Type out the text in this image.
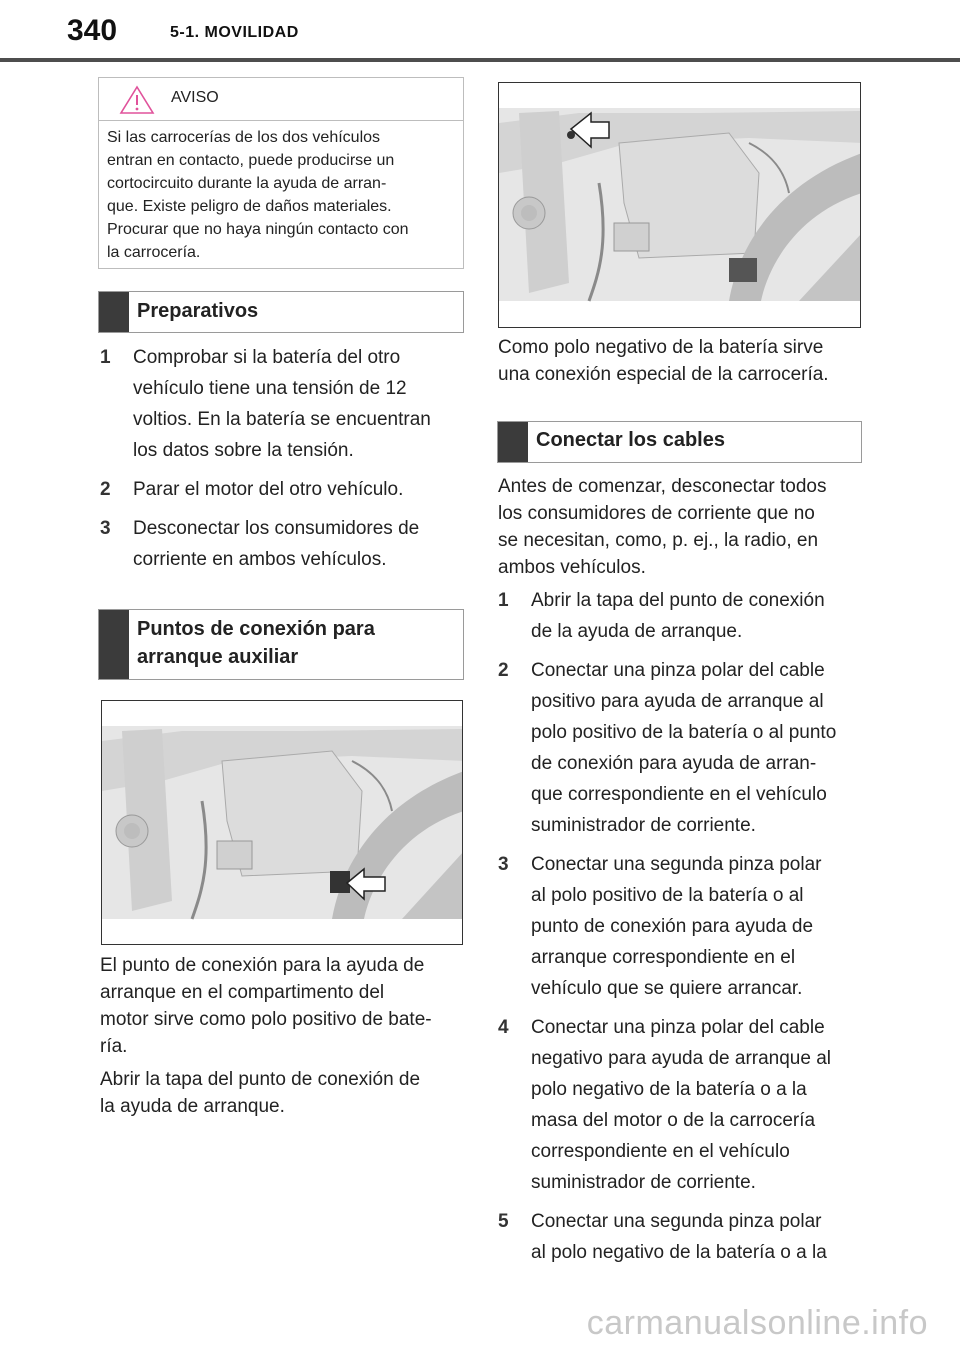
340	5-1. MOVILIDAD
AVISO
Si las carrocerías de los dos vehículos
entran en contacto, puede producirse un
cortocircuito durante la ayuda de arran-
que. Existe peligro de daños materiales.
Procurar que no haya ningún contacto con
la carrocería.
Preparativos
1 Comprobar si la batería del otro
vehículo tiene una tensión de 12
voltios. En la batería se encuentran
los datos sobre la tensión.
2 Parar el motor del otro vehículo.
3 Desconectar los consumidores de
corriente en ambos vehículos.
Puntos de conexión para
arranque auxiliar
El punto de conexión para la ayuda de
arranque en el compartimento del
motor sirve como polo positivo de bate-
ría.
Abrir la tapa del punto de conexión de
la ayuda de arranque.
Como polo negativo de la batería sirve
una conexión especial de la carrocería.
Conectar los cables
Antes de comenzar, desconectar todos
los consumidores de corriente que no
se necesitan, como, p. ej., la radio, en
ambos vehículos.
1 Abrir la tapa del punto de conexión
de la ayuda de arranque.
2 Conectar una pinza polar del cable
positivo para ayuda de arranque al
polo positivo de la batería o al punto
de conexión para ayuda de arran-
que correspondiente en el vehículo
suministrador de corriente.
3 Conectar una segunda pinza polar
al polo positivo de la batería o al
punto de conexión para ayuda de
arranque correspondiente en el
vehículo que se quiere arrancar.
4 Conectar una pinza polar del cable
negativo para ayuda de arranque al
polo negativo de la batería o a la
masa del motor o de la carrocería
correspondiente en el vehículo
suministrador de corriente.
5 Conectar una segunda pinza polar
al polo negativo de la batería o a la
carmanualsonline.info
